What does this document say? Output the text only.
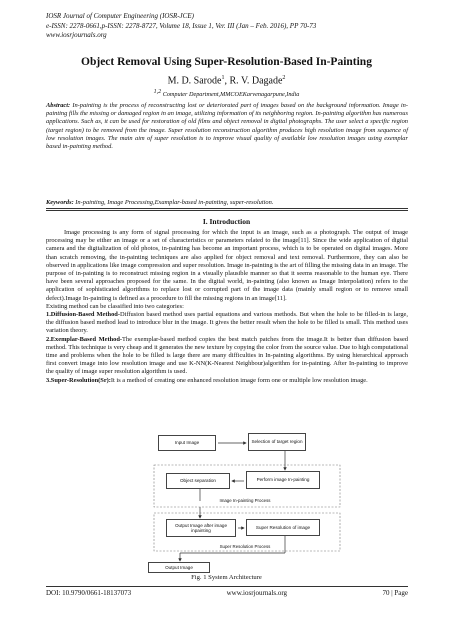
IOSR Journal of Computer Engineering (IOSR-JCE)
e-ISSN: 2278-0661,p-ISSN: 2278-8727, Volume 18, Issue 1, Ver. III (Jan – Feb. 2016), PP 70-73
www.iosrjournals.org
Object Removal Using Super-Resolution-Based In-Painting
M. D. Sarode$^1$, R. V. Dagade$^2$
$^{1,2}$ Computer Department,MMCOEKarvenagarpune,India
Abstract: In-painting is the process of reconstructing lost or deteriorated part of images based on the background information. Image in-painting fills the missing or damaged region in an image, utilizing information of its neighboring region. In-painting algorithm has numerous applications. Such as, it can be used for restoration of old films and object removal in digital photographs. The user select a specific region (target region) to be removed from the image. Super resolution reconstruction algorithm produces high resolution image from sequence of low resolution images. The main aim of super resolution is to improve visual quality of available low resolution images using exemplar based in-painting method.
Keywords: In-painting, Image Processing,Examplar-based in-painting, super-resolution.
I. Introduction

Image processing is any form of signal processing for which the input is an image, such as a photograph. The output of image processing may be either an image or a set of characteristics or parameters related to the image[11]. Since the wide application of digital camera and the digitalization of old photos, in-painting has become an important process, which is to be operated on digital images. More than scratch removing, the in-painting techniques are also applied for object removal and text removal. Furthermore, they can also be observed in applications like image compression and super resolution. Image in-painting is the art of filling the missing data in an image. The purpose of in-painting is to reconstruct missing region in a visually plausible manner so that it seems reasonable to the human eye. There have been several approaches proposed for the same. In the digital world, in-painting (also known as Image Interpolation) refers to the application of sophisticated algorithms to replace lost or corrupted part of the image data (mainly small region or to remove small defect).Image In-painting is defined as a procedure to fill the missing regions in an image[11].

Existing method can be classified into two categories:

1.Diffusion-Based Method-Diffusion based method uses partial equations and various methods. But when the hole to be filled-in is large, the diffusion based method lead to introduce blur in the image. It gives the better result when the hole to be filled is small. This method uses variation theory.

2.Exemplar-Based Method-The exemplar-based method copies the best match patches from the image.It is better than diffusion based method. This technique is very cheap and it generates the new texture by copying the color from the source value. Due to high computational time and problems when the hole to be filled is large there are many difficulties in In-painting algorithms. By using hierarchical approach first convert image into low resolution image and use K-NN(K-Nearest Neighbour)algorithm for in-painting. After In-painting to improve the quality of image super resolution algorithm is used.

3.Super-Resolution(Sr):It is a method of creating one enhanced resolution image form one or multiple low resolution image.

Input Image	Selection of target region
Object separation	Perform image In-painting
Image In-painting Process
Output Image after image inpainting
Super Resolution of image
Super Resolution Process
Output Image
Fig. 1 System Architecture
DOI: 10.9790/0661-18137073	www.iosrjournals.org	70 | Page
